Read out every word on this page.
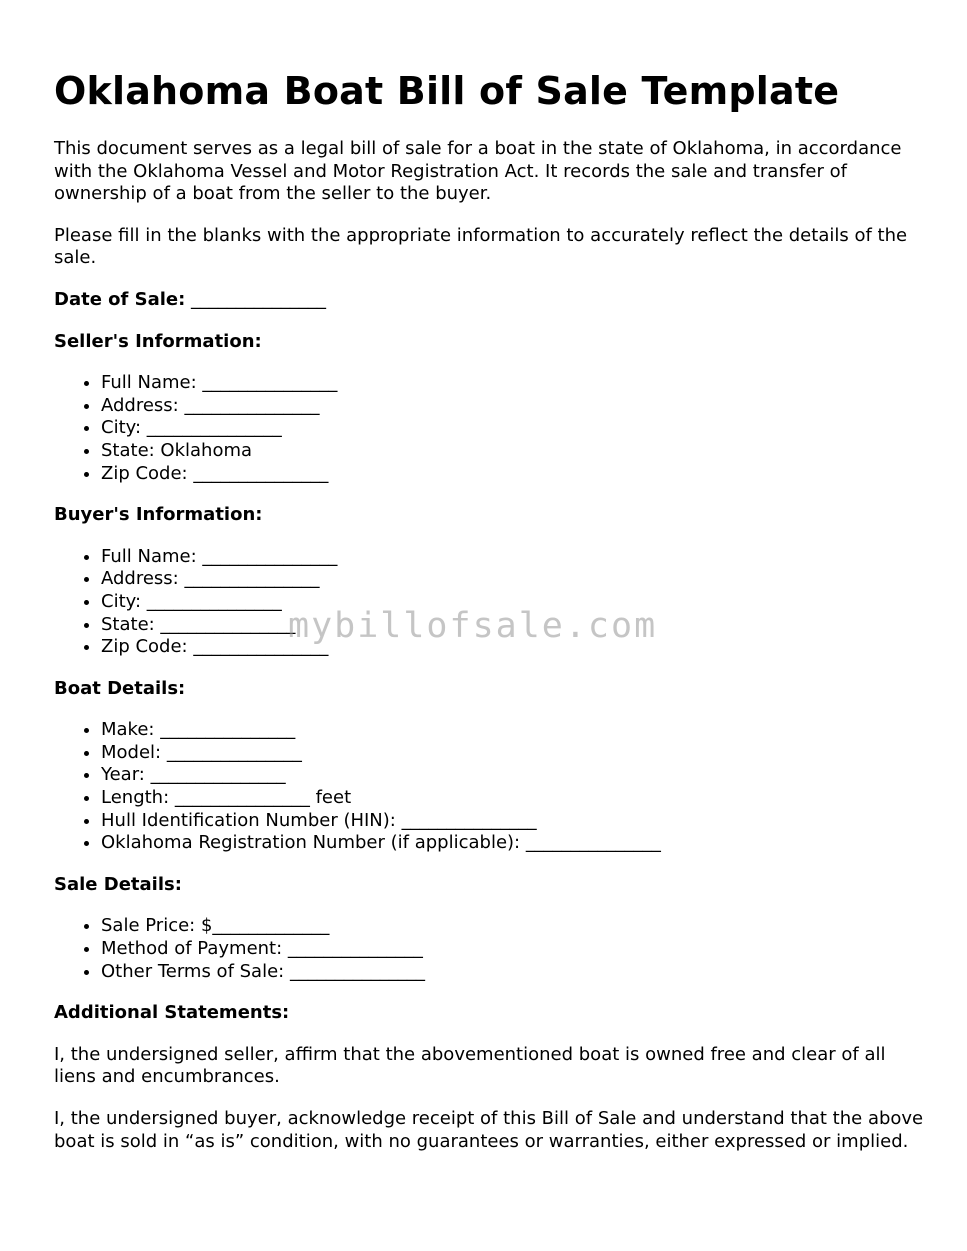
Oklahoma Boat Bill of Sale Template

This document serves as a legal bill of sale for a boat in the state of Oklahoma, in accordance with the Oklahoma Vessel and Motor Registration Act. It records the sale and transfer of ownership of a boat from the seller to the buyer.

Please fill in the blanks with the appropriate information to accurately reflect the details of the sale.

Date of Sale: _______________

Seller's Information:

• Full Name: _______________
• Address: _______________
• City: _______________
• State: Oklahoma
• Zip Code: _______________

Buyer's Information:

• Full Name: _______________
• Address: _______________
• City: _______________
• State: _______________
• Zip Code: _______________

Boat Details:

• Make: _______________
• Model: _______________
• Year: _______________
• Length: _______________ feet
• Hull Identification Number (HIN): _______________
• Oklahoma Registration Number (if applicable): _______________

Sale Details:

• Sale Price: $_____________
• Method of Payment: _______________
• Other Terms of Sale: _______________

Additional Statements:

I, the undersigned seller, affirm that the abovementioned boat is owned free and clear of all liens and encumbrances.

I, the undersigned buyer, acknowledge receipt of this Bill of Sale and understand that the above boat is sold in “as is” condition, with no guarantees or warranties, either expressed or implied.

mybillofsale.com
